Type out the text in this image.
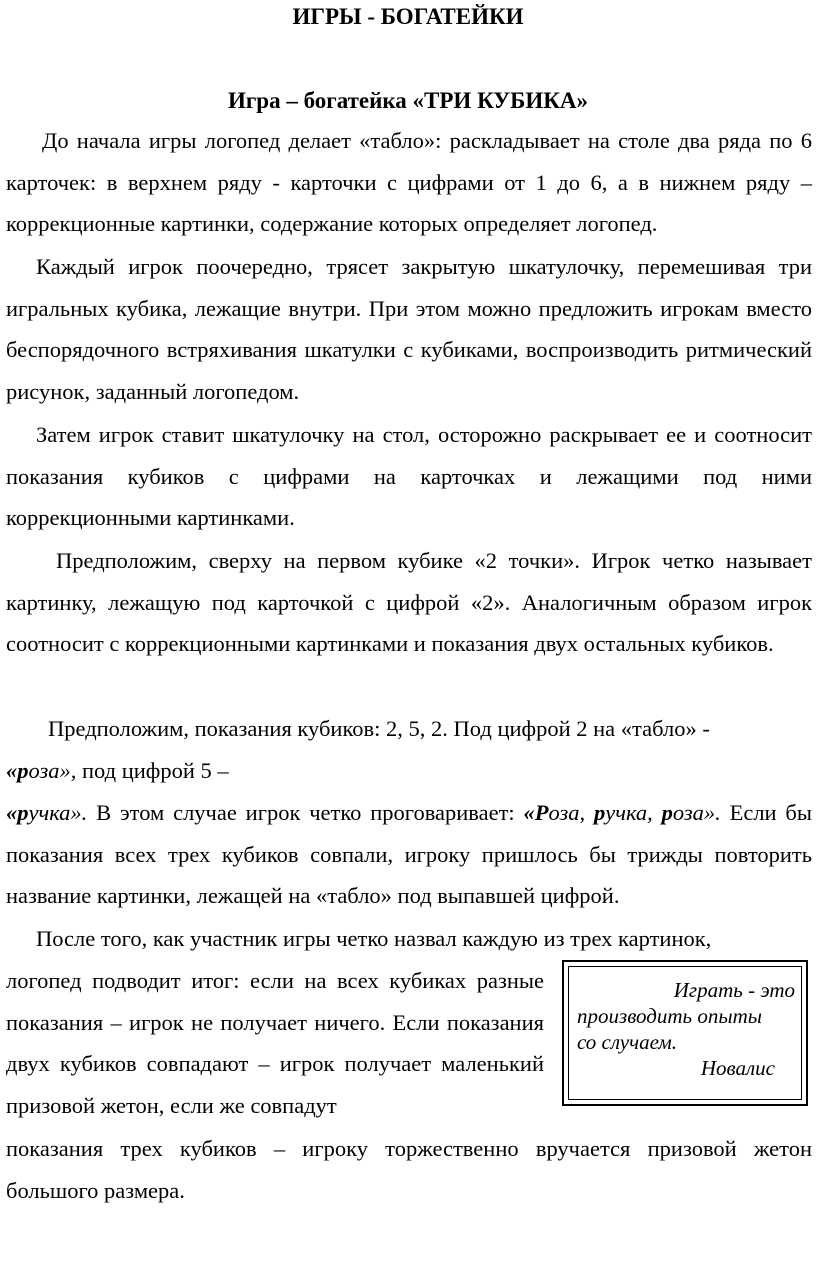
ИГРЫ - БОГАТЕЙКИ
Игра – богатейка «ТРИ КУБИКА»

До начала игры логопед делает «табло»: раскладывает на столе два ряда по 6 карточек: в верхнем ряду - карточки с цифрами от 1 до 6, а в нижнем ряду – коррекционные картинки, содержание которых определяет логопед.

Каждый игрок поочередно, трясет закрытую шкатулочку, перемешивая три игральных кубика, лежащие внутри. При этом можно предложить игрокам вместо беспорядочного встряхивания шкатулки с кубиками, воспроизводить ритмический рисунок, заданный логопедом.

Затем игрок ставит шкатулочку на стол, осторожно раскрывает ее и соотносит показания кубиков с цифрами на карточках и лежащими под ними коррекционными картинками.

Предположим, сверху на первом кубике «2 точки». Игрок четко называет картинку, лежащую под карточкой с цифрой «2». Аналогичным образом игрок соотносит с коррекционными картинками и показания двух остальных кубиков.

Предположим, показания кубиков: 2, 5, 2. Под цифрой 2 на «табло» -
«роза», под цифрой 5 –

«ручка». В этом случае игрок четко проговаривает: «Роза, ручка, роза». Если бы показания всех трех кубиков совпали, игроку пришлось бы трижды повторить название картинки, лежащей на «табло» под выпавшей цифрой.

После того, как участник игры четко назвал каждую из трех картинок,

логопед подводит итог: если на всех кубиках разные показания – игрок не получает ничего. Если показания двух кубиков совпадают – игрок получает маленький призовой жетон, если же совпадут

показания трех кубиков – игроку торжественно вручается призовой жетон большого размера.

Играть - это
производить опыты
со случаем.
Новалис
